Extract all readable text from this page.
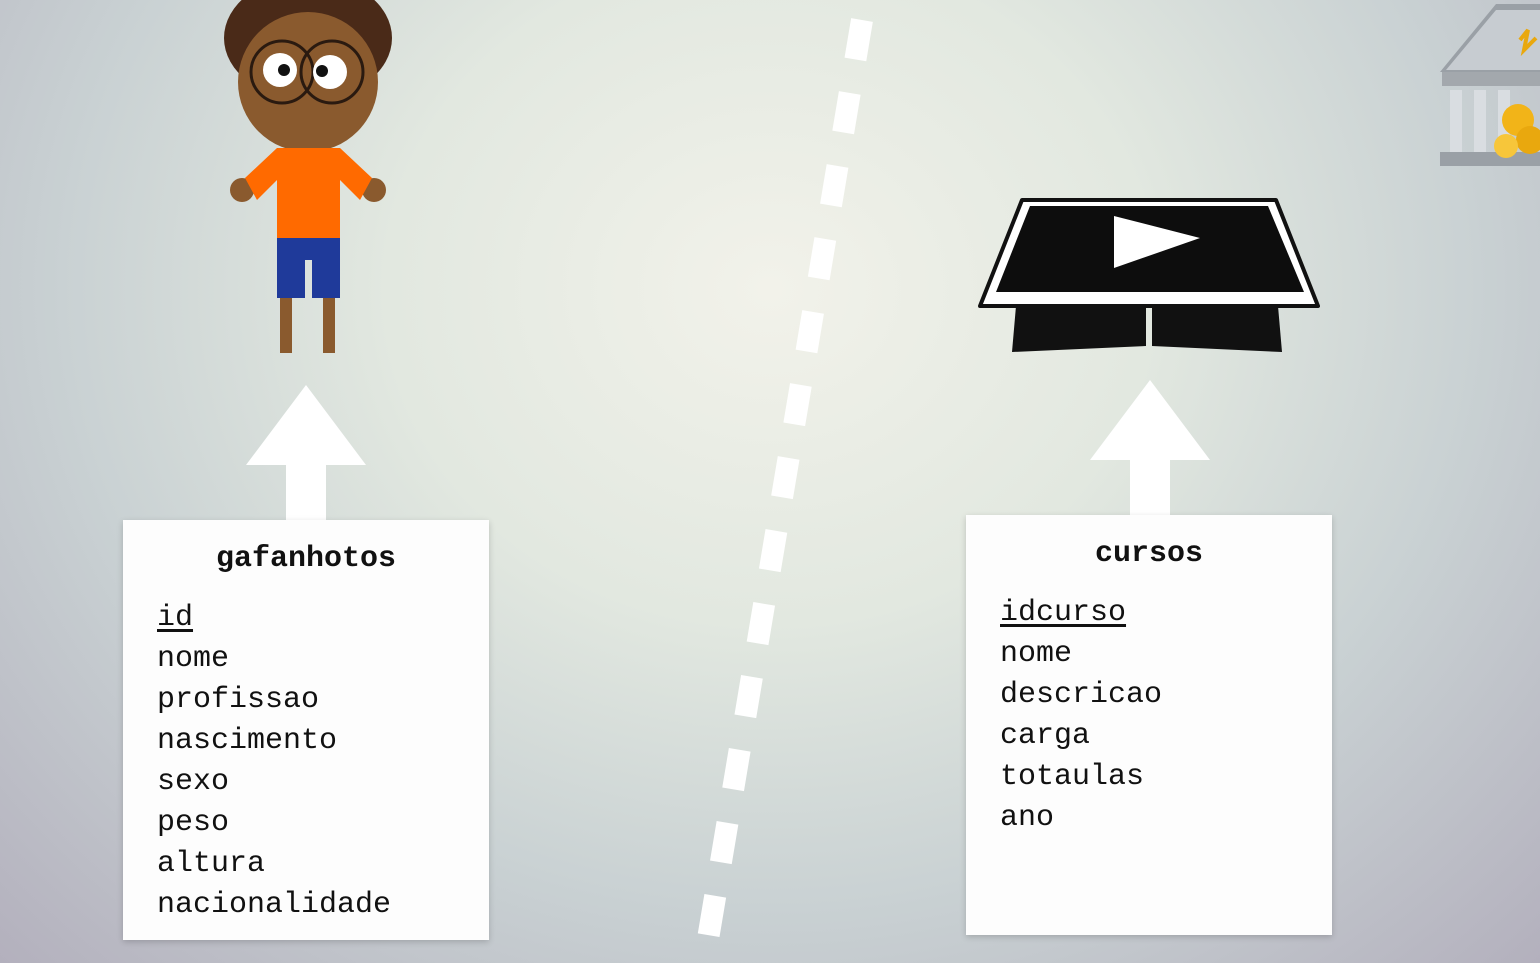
gafanhotos
id
nome
profissao
nascimento
sexo
peso
altura
nacionalidade
cursos
idcurso
nome
descricao
carga
totaulas
ano
